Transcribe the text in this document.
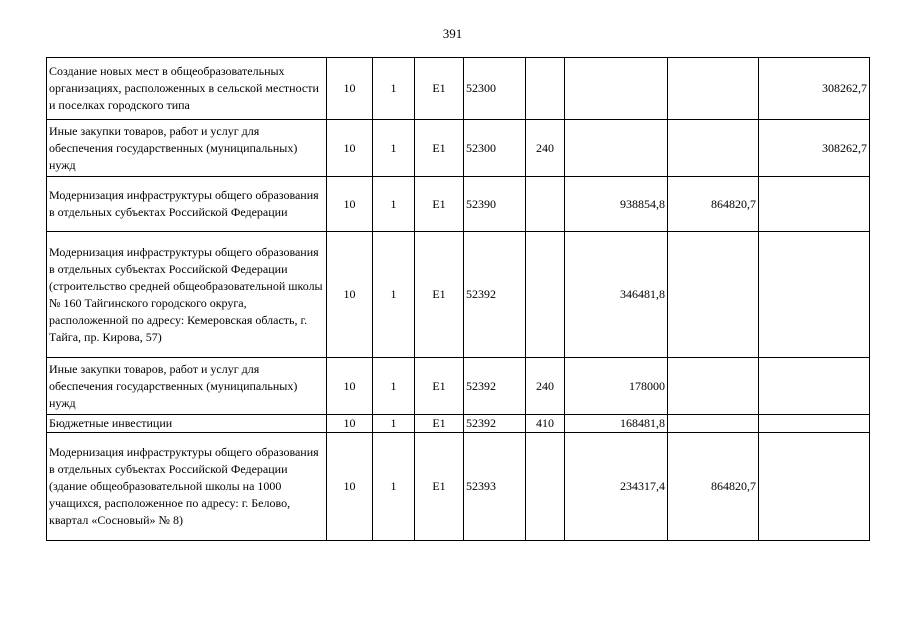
391
Создание новых мест в общеобразовательных организациях, расположенных в сельской местности и поселках городского типа	10	1	E1	52300				308262,7
Иные закупки товаров, работ и услуг для обеспечения государственных (муниципальных) нужд	10	1	E1	52300	240			308262,7
Модернизация инфраструктуры общего образования в отдельных субъектах Российской Федерации	10	1	E1	52390		938854,8	864820,7	
Модернизация инфраструктуры общего образования в отдельных субъектах Российской Федерации (строительство средней общеобразовательной школы № 160 Тайгинского городского округа, расположенной по адресу: Кемеровская область, г. Тайга, пр. Кирова, 57)	10	1	E1	52392		346481,8		
Иные закупки товаров, работ и услуг для обеспечения государственных (муниципальных) нужд	10	1	E1	52392	240	178000		
Бюджетные инвестиции	10	1	E1	52392	410	168481,8		
Модернизация инфраструктуры общего образования в отдельных субъектах Российской Федерации (здание общеобразовательной школы на 1000 учащихся, расположенное по адресу: г. Белово, квартал «Сосновый» № 8)	10	1	E1	52393		234317,4	864820,7	
